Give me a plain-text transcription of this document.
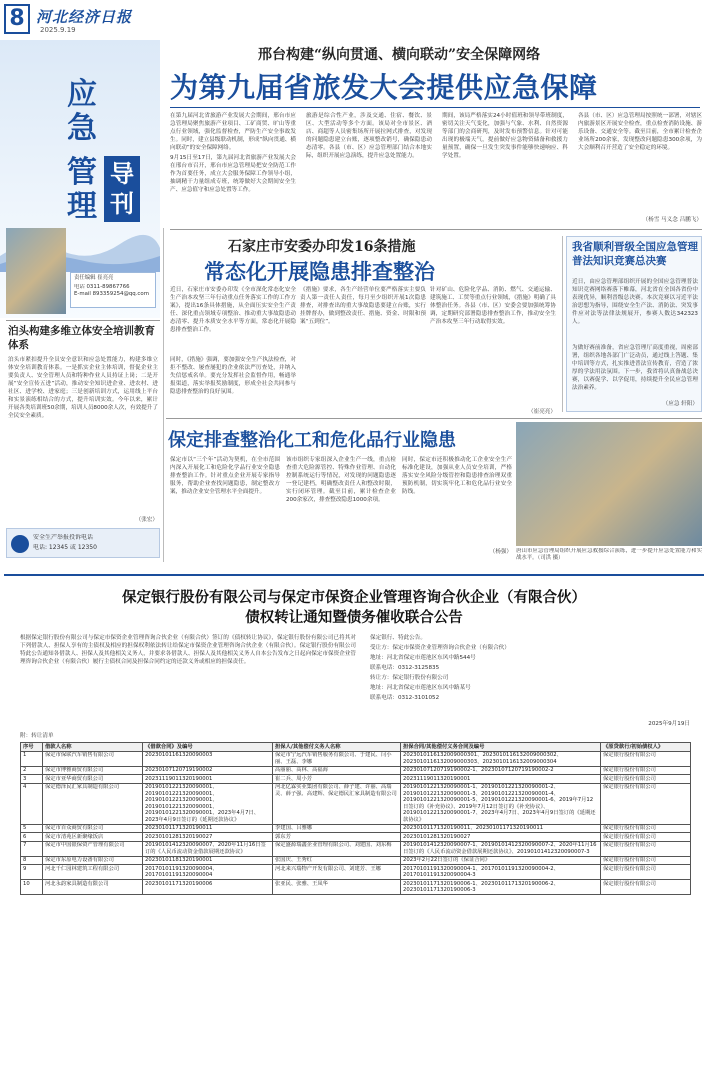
8 河北经济日报
2025.9.19
应
急
管
理
导
刊
责任编辑 崔亮亮
电话 0311-89867766
E-mail 893359254@qq.com
邢台构建“纵向贯通、横向联动”安全保障网络
为第九届省旅发大会提供应急保障
在第九届河北省旅游产业发展大会期间，邢台市应急管理局聚焦旅游产业项目、工矿商贸、旷山等重点行业领域，强化监督检查，严防生产安全事故发生。同时，建立县级联动机制，形成“纵向贯通、横向联动”的安全保障网络。
9月15日至17日，第九届河北省旅游产业发展大会在邢台市召开，邢台市应急管理局把安全防范工作作为首要任务，成立大会服务保障工作领导小组，抽调精干力量组成专班，统筹做好大会期间安全生产、应急值守和应急处置等工作。
旅游是综合性产业，涉及交通、住宿、餐饮、景区、大型活动等多个方面。该局对全市景区、酒店、商超等人员密集场所开展拉网式排查，对发现的问题隐患建立台账，逐项整改销号，确保隐患动态清零。各县（市、区）应急管理部门结合本地实际，组织开展应急演练，提升应急处置能力。
期间，该局严格落实24小时值班和领导带班制度，密切关注天气变化，加强与气象、水利、自然资源等部门的会商研判，及时发布预警信息。针对可能出现的极端天气，提前做好应急物资储备和救援力量预置，确保一旦发生突发事件能够快速响应、科学处置。
各县（市、区）应急管理局按照统一部署，对辖区内旅游景区开展安全检查，重点检查消防设施、游乐设备、交通安全等。截至目前，全市累计检查企业场所200余家，发现整改问题隐患300余项，为大会顺利召开营造了安全稳定的环境。
（杨雪 马义念 吕鹏飞）
石家庄市安委办印发16条措施
常态化开展隐患排查整治
近日，石家庄市安委办印发《全市深化常态化安全生产治本攻坚三年行动重点任务落实工作的工作方案》，提出16条具体措施，从全面压实安全生产责任、深化重点领域专项整治、推动重大事故隐患动态清零、提升本质安全水平等方面，常态化开展隐患排查整治工作。
《措施》要求，各生产经营单位要严格落实主要负责人第一责任人责任，每月至少组织开展1次隐患排查，对排查出的重大事故隐患要建立台账，实行挂牌督办，做到整改责任、措施、资金、时限和预案“五到位”。
针对矿山、危险化学品、消防、燃气、交通运输、建筑施工、工贸等重点行业领域，《措施》明确了具体整治任务。各县（市、区）安委会要加强统筹协调，定期研究部署隐患排查整治工作，推动安全生产治本攻坚三年行动取得实效。
同时，《措施》强调，要加强安全生产执法检查，对拒不整改、屡查屡犯的企业依法严厉查处，并纳入失信惩戒名单。要充分发挥社会监督作用，畅通举报渠道，落实举报奖励制度，形成全社会共同参与隐患排查整治的良好氛围。
（崔亮亮）
泊头构建多维立体安全培训教育体系
泊头市紧扣提升全员安全意识和应急处置能力，构建多维立体安全培训教育体系。一是抓实企业主体培训，督促企业主要负责人、安全管理人员和特种作业人员持证上岗；二是开展“安全宣传五进”活动，推动安全知识进企业、进农村、进社区、进学校、进家庭；三是创新培训方式，运用线上平台和实景演练相结合的方式，提升培训实效。今年以来，累计开展各类培训班50余期，培训人员8000余人次，有效提升了全民安全素质。
（张宏）
安全生产举报投诉电话
电话: 12345 或 12350
我省顺利晋级全国应急管理普法知识竞赛总决赛
近日，由应急管理部组织开展的全国应急管理普法知识竞赛网络赛落下帷幕，河北省在全国各省份中表现优异，顺利晋级总决赛。本次竞赛以习近平法治思想为指导，围绕安全生产法、消防法、突发事件应对法等法律法规展开，参赛人数达342323人。
为做好赛前准备，省应急管理厅高度重视，周密部署，组织各地各部门广泛动员，通过线上答题、集中培训等方式，扎实推进普法宣传教育，营造了浓厚的学法用法氛围。下一步，我省将认真备战总决赛，以赛促学、以学促用，持续提升全民应急管理法治素养。
（应急 轩阳）
保定排查整治化工和危化品行业隐患
保定市以“三个年”活动为契机，在全市范围内深入开展化工和危险化学品行业安全隐患排查整治工作。针对重点企业开展专家指导服务，帮助企业查找问题隐患，制定整改方案，推动企业安全管理水平全面提升。
该市组织专家组深入企业生产一线，重点检查重大危险源管控、特殊作业管理、自动化控制系统运行等情况，对发现的问题隐患逐一登记建档，明确整改责任人和整改时限，实行闭环管理。截至目前，累计检查企业200余家次，排查整改隐患1000余项。
同时，保定市还积极推动化工企业安全生产标准化建设，加强从业人员安全培训，严格落实安全风险分级管控和隐患排查治理双重预防机制，切实筑牢化工和危化品行业安全防线。
（杨强） 唐山市应急管理局组织开展应急救援综合演练，进一步提升应急处置能力和实战水平。（司洪 摄）
保定银行股份有限公司与保定市保资企业管理咨询合伙企业（有限合伙）
债权转让通知暨债务催收联合公告
根据保定银行股份有限公司与保定市保资企业管理咨询合伙企业（有限合伙）签订的《债权转让协议》，保定银行股份有限公司已将其对下列借款人、担保人享有的主债权及相应的担保权利依法转让给保定市保资企业管理咨询合伙企业（有限合伙）。保定银行股份有限公司特此公告通知各借款人、担保人及其他相关义务人，并要求各借款人、担保人及其他相关义务人自本公告发布之日起向保定市保资企业管理咨询合伙企业（有限合伙）履行主债权合同及担保合同约定的还款义务或相应的担保责任。
保定银行、特此公告。
受让方：保定市保资企业管理咨询合伙企业（有限合伙）
地址：河北省保定市莲池区东风中路544号
联系电话：0312-3125835
转让方：保定银行股份有限公司
地址：河北省保定市莲池区东风中路某号
联系电话：0312-3101052
2025年9月19日
附：转让清单
序号	借款人名称	《借款合同》及编号	担保人/其他偿付义务人名称	担保合同/其他偿付义务合同及编号	《原贷款行/初始债权人》
1	保定市保联汽车销售有限公司	20230101161320090003	保定市宁远汽车销售服务有限公司、于建民、闫小丽、王磊、李娜	2023010116132009000301、2023010116132009000302、2023010116132009000303、2023010116132009000304	保定银行股份有限公司
2	保定市博雅商贸有限公司	20230107120719190002	高丽丽、高林、高福海	20230107120719190002-1、20230107120719190002-2	保定银行股份有限公司
3	保定市亚华商贸有限公司	20231119011320190001	崔二兵、周小芳	20231119011320190001	保定银行股份有限公司
4	保定德泽民汇家具制造有限公司	20190101221320090001、20190101221320090001、20190101221320090001、20190101221320090001、20190101221320090001、2023年4月7日、2023年4月9日签订的《延期还款协议》	河北亿霖实业集团有限公司、薛子建、许丽、高瑞灵、薛子强、高建辉、保定德民汇家具制造有限公司	20190101221320090001-1、20190101221320090001-2、20190101221320090001-3、20190101221320090001-4、20190101221320090001-5、20190101221320090001-6、2019年7月12日签订的《补充协议》、2019年7月12日签订的《补充协议》、20190101221320090001-7、2023年4月7日、2023年4月9日签订的《延期还款协议》	保定银行股份有限公司
5	保定市百众商贸有限公司	20230101171320190011	李建国、吕雅娜	20230101171320190011、20230101171320190011	保定银行股份有限公司
6	保定市清苑区新聚缘饭店	20230101281320190027	郭东芳	20230101281320190027	保定银行股份有限公司
7	保定市中国银保资产管理有限公司	20190101412320090007、2020年11月16日签订的《人民币流动资金借款展期还款协议》	保定盛源瑞鑫企业管理有限公司、刘建国、刘东梅	20190101412320090007-1、20190101412320090007-2、2020年11月16日签订的《人民币流动资金借款展期还款协议》、20190101412320090007-3	保定银行股份有限公司
8	保定市东原电力设备有限公司	20230101181320190001	张国庆、王秀红	2023年2月22日签订的《保证合同》	保定银行股份有限公司
9	河北千仁园林建筑工程有限公司	20170101191320090004、20170101191320090004	河北来兴瑞物产开发有限公司、刘建芳、王娜	20170101191320090004-1、20170101191320090004-2、20170101191320090004-3	保定银行股份有限公司
10	河北永韵家具制造有限公司	20230101171320190006	张亚民、张雅、王凤华	20230101171320190006-1、20230101171320190006-2、20230101171320190006-3	保定银行股份有限公司
